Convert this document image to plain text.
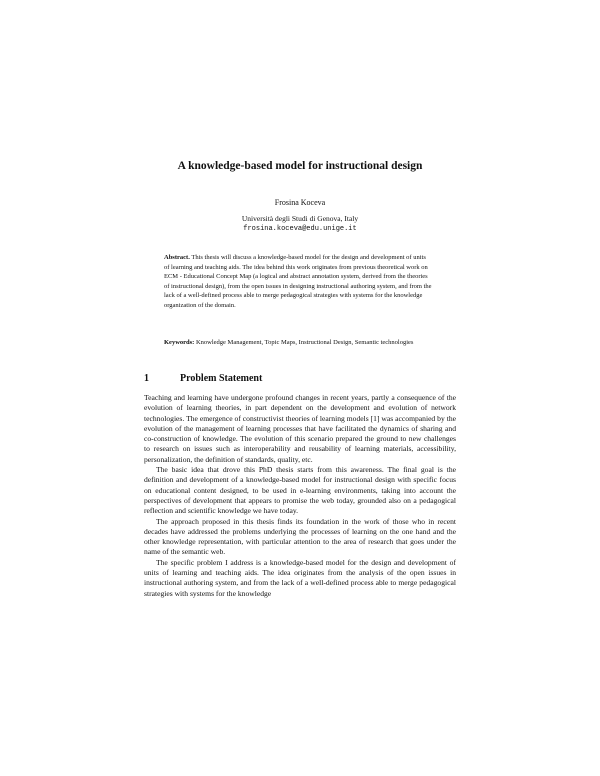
A knowledge-based model for instructional design
Frosina Koceva
Università degli Studi di Genova, Italy
frosina.koceva@edu.unige.it
Abstract. This thesis will discuss a knowledge-based model for the design and development of units of learning and teaching aids. The idea behind this work originates from previous theoretical work on ECM - Educational Concept Map (a logical and abstract annotation system, derived from the theories of instructional design), from the open issues in designing instructional authoring system, and from the lack of a well-defined process able to merge pedagogical strategies with systems for the knowledge organization of the domain.
Keywords: Knowledge Management, Topic Maps, Instructional Design, Semantic technologies
1	Problem Statement

Teaching and learning have undergone profound changes in recent years, partly a consequence of the evolution of learning theories, in part dependent on the development and evolution of network technologies. The emergence of constructivist theories of learning models [1] was accompanied by the evolution of the management of learning processes that have facilitated the dynamics of sharing and co-construction of knowledge. The evolution of this scenario prepared the ground to new challenges to research on issues such as interoperability and reusability of learning materials, accessibility, personalization, the definition of standards, quality, etc.

The basic idea that drove this PhD thesis starts from this awareness. The final goal is the definition and development of a knowledge-based model for instructional design with specific focus on educational content designed, to be used in e-learning environments, taking into account the perspectives of development that appears to promise the web today, grounded also on a pedagogical reflection and scientific knowledge we have today.

The approach proposed in this thesis finds its foundation in the work of those who in recent decades have addressed the problems underlying the processes of learning on the one hand and the other knowledge representation, with particular attention to the area of research that goes under the name of the semantic web.

The specific problem I address is a knowledge-based model for the design and development of units of learning and teaching aids. The idea originates from the analysis of the open issues in instructional authoring system, and from the lack of a well-defined process able to merge pedagogical strategies with systems for the knowledge
